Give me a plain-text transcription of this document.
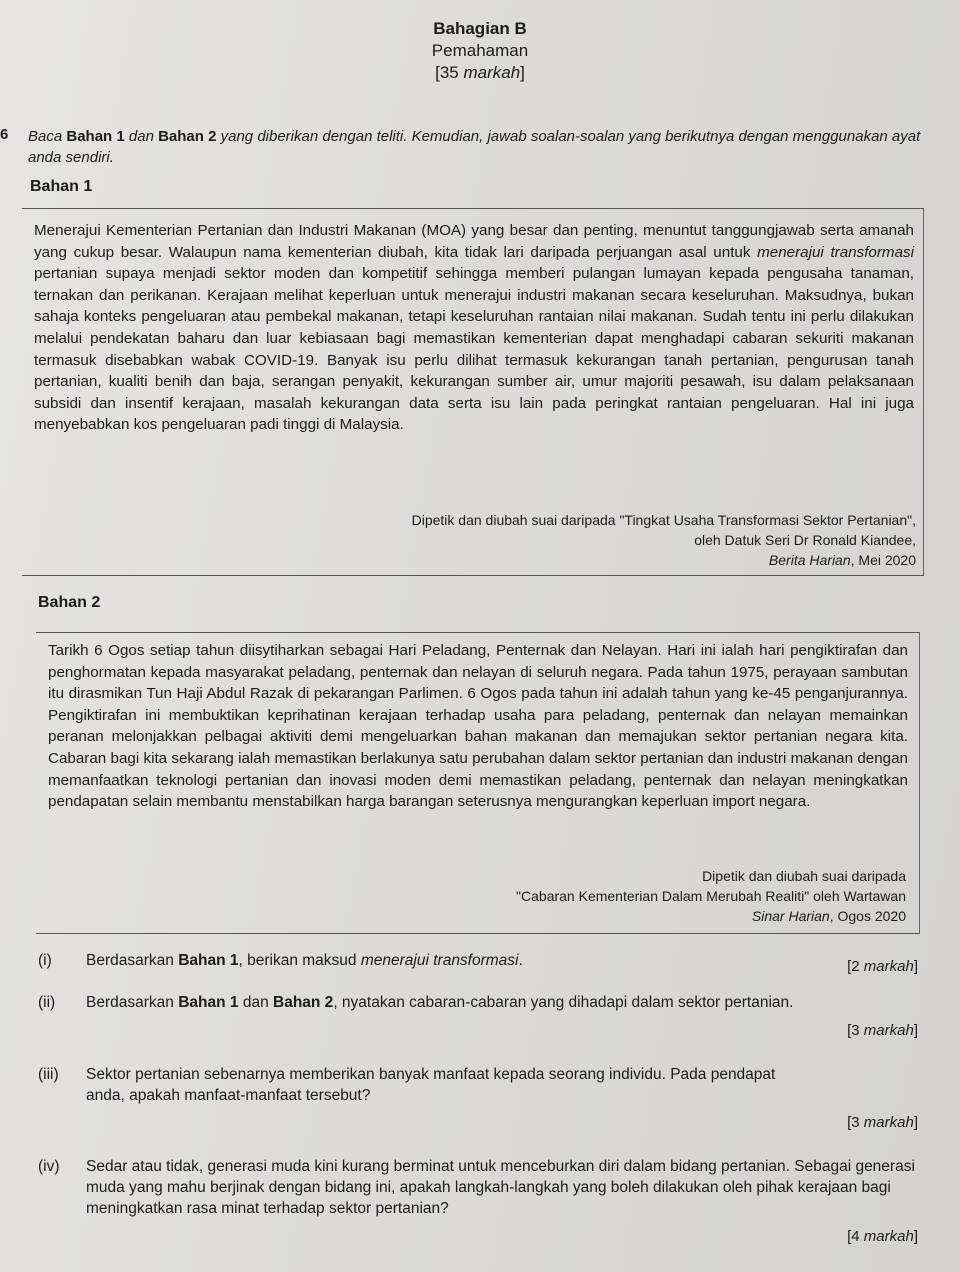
Bahagian B
Pemahaman
[35 markah]
6 Baca Bahan 1 dan Bahan 2 yang diberikan dengan teliti. Kemudian, jawab soalan-soalan yang berikutnya dengan menggunakan ayat anda sendiri.
Bahan 1
Menerajui Kementerian Pertanian dan Industri Makanan (MOA) yang besar dan penting, menuntut tanggungjawab serta amanah yang cukup besar. Walaupun nama kementerian diubah, kita tidak lari daripada perjuangan asal untuk menerajui transformasi pertanian supaya menjadi sektor moden dan kompetitif sehingga memberi pulangan lumayan kepada pengusaha tanaman, ternakan dan perikanan. Kerajaan melihat keperluan untuk menerajui industri makanan secara keseluruhan. Maksudnya, bukan sahaja konteks pengeluaran atau pembekal makanan, tetapi keseluruhan rantaian nilai makanan. Sudah tentu ini perlu dilakukan melalui pendekatan baharu dan luar kebiasaan bagi memastikan kementerian dapat menghadapi cabaran sekuriti makanan termasuk disebabkan wabak COVID-19. Banyak isu perlu dilihat termasuk kekurangan tanah pertanian, pengurusan tanah pertanian, kualiti benih dan baja, serangan penyakit, kekurangan sumber air, umur majoriti pesawah, isu dalam pelaksanaan subsidi dan insentif kerajaan, masalah kekurangan data serta isu lain pada peringkat rantaian pengeluaran. Hal ini juga menyebabkan kos pengeluaran padi tinggi di Malaysia.
Dipetik dan diubah suai daripada "Tingkat Usaha Transformasi Sektor Pertanian",
oleh Datuk Seri Dr Ronald Kiandee,
Berita Harian, Mei 2020
Bahan 2
Tarikh 6 Ogos setiap tahun diisytiharkan sebagai Hari Peladang, Penternak dan Nelayan. Hari ini ialah hari pengiktirafan dan penghormatan kepada masyarakat peladang, penternak dan nelayan di seluruh negara. Pada tahun 1975, perayaan sambutan itu dirasmikan Tun Haji Abdul Razak di pekarangan Parlimen. 6 Ogos pada tahun ini adalah tahun yang ke-45 penganjurannya. Pengiktirafan ini membuktikan keprihatinan kerajaan terhadap usaha para peladang, penternak dan nelayan memainkan peranan melonjakkan pelbagai aktiviti demi mengeluarkan bahan makanan dan memajukan sektor pertanian negara kita. Cabaran bagi kita sekarang ialah memastikan berlakunya satu perubahan dalam sektor pertanian dan industri makanan dengan memanfaatkan teknologi pertanian dan inovasi moden demi memastikan peladang, penternak dan nelayan meningkatkan pendapatan selain membantu menstabilkan harga barangan seterusnya mengurangkan keperluan import negara.
Dipetik dan diubah suai daripada
"Cabaran Kementerian Dalam Merubah Realiti" oleh Wartawan
Sinar Harian, Ogos 2020
(i) Berdasarkan Bahan 1, berikan maksud menerajui transformasi.	[2 markah]
(ii) Berdasarkan Bahan 1 dan Bahan 2, nyatakan cabaran-cabaran yang dihadapi dalam sektor pertanian.
[3 markah]
(iii) Sektor pertanian sebenarnya memberikan banyak manfaat kepada seorang individu. Pada pendapat anda, apakah manfaat-manfaat tersebut?
[3 markah]
(iv) Sedar atau tidak, generasi muda kini kurang berminat untuk menceburkan diri dalam bidang pertanian. Sebagai generasi muda yang mahu berjinak dengan bidang ini, apakah langkah-langkah yang boleh dilakukan oleh pihak kerajaan bagi meningkatkan rasa minat terhadap sektor pertanian?
[4 markah]
